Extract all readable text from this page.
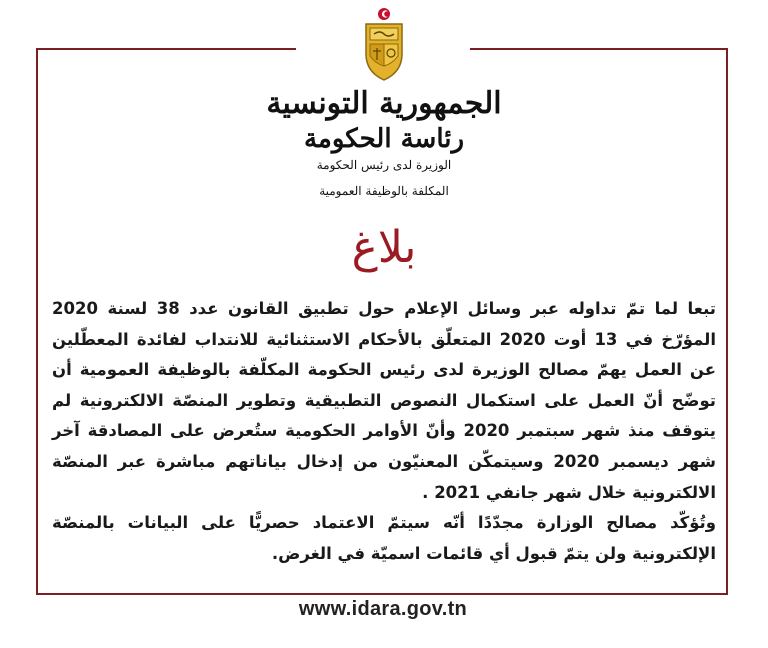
الجمهورية التونسية
رئاسة الحكومة
الوزيرة لدى رئيس الحكومة
المكلفة بالوظيفة العمومية
بلاغ

تبعا لما تمّ تداوله عبر وسائل الإعلام حول تطبيق القانون عدد 38 لسنة 2020 المؤرّخ في 13 أوت 2020 المتعلّق بالأحكام الاستثنائية للانتداب لفائدة المعطّلين عن العمل يهمّ مصالح الوزيرة لدى رئيس الحكومة المكلّفة بالوظيفة العمومية أن توضّح أنّ العمل على استكمال النصوص التطبيقية وتطوير المنصّة الالكترونية لم يتوقف منذ شهر سبتمبر 2020 وأنّ الأوامر الحكومية ستُعرض على المصادقة آخر شهر ديسمبر 2020 وسيتمكّن المعنيّون من إدخال بياناتهم مباشرة عبر المنصّة الالكترونية خلال شهر جانفي 2021 .

وتُؤكّد مصالح الوزارة مجدّدًا أنّه سيتمّ الاعتماد حصريًّا على البيانات بالمنصّة الإلكترونية ولن يتمّ قبول أي قائمات اسميّة في الغرض.

www.idara.gov.tn
